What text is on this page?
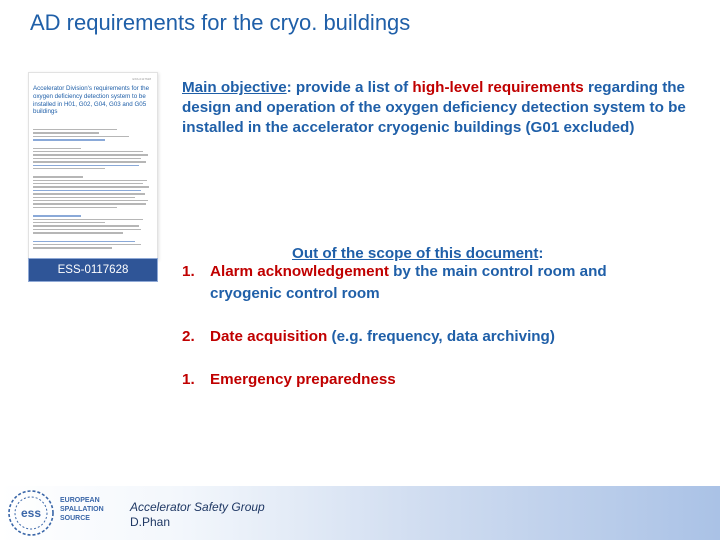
AD requirements for the cryo. buildings
ESS-0117628
Accelerator Division's requirements for the oxygen deficiency detection system to be installed in H01, G02, G04, G03 and G05 buildings
ESS-0117628
Main objective: provide a list of high-level requirements regarding the design and operation of the oxygen deficiency detection system to be installed in the accelerator cryogenic buildings (G01 excluded)
Out of the scope of this document:
1. Alarm acknowledgement by the main control room and
cryogenic control room
2. Date acquisition (e.g. frequency, data archiving)
1. Emergency preparedness
ess
EUROPEAN
SPALLATION
SOURCE
Accelerator Safety Group
D.Phan
